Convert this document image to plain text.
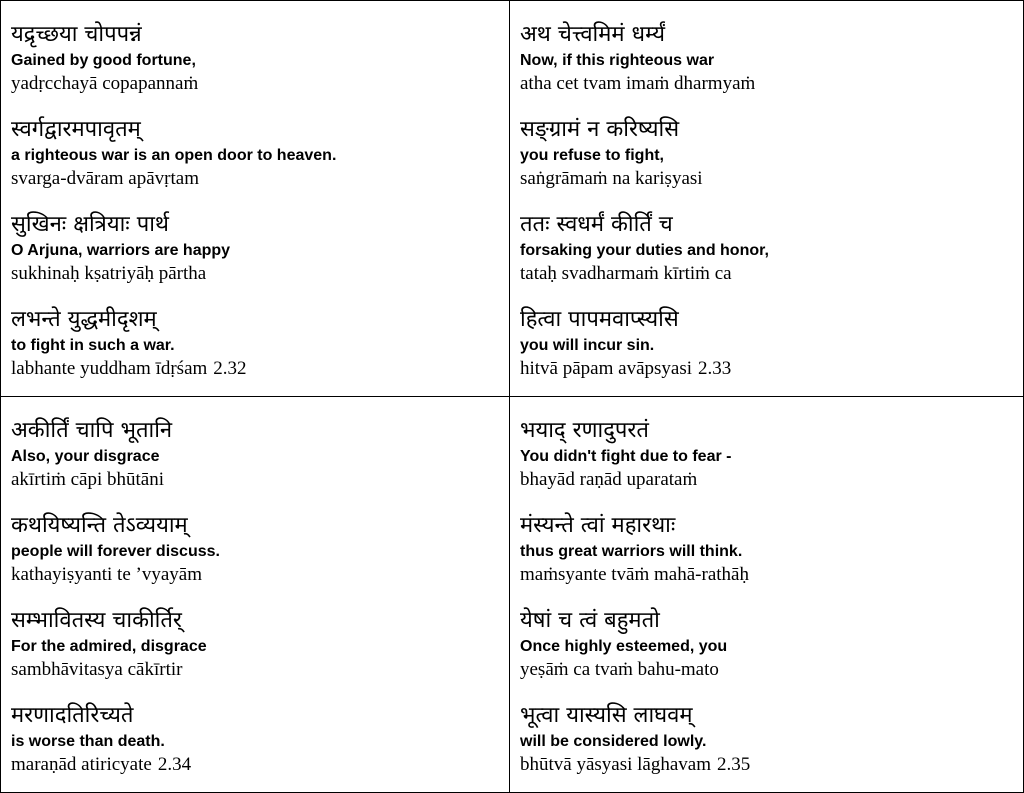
यद्रृच्छया चोपपन्नं
Gained by good fortune,
yadṛcchayā copapannaṁ
स्वर्गद्वारमपावृतम्
a righteous war is an open door to heaven.
svarga-dvāram apāvṛtam
सुखिनः क्षत्रियाः पार्थ
O Arjuna, warriors are happy
sukhinaḥ kṣatriyāḥ pārtha
लभन्ते युद्धमीदृशम्
to fight in such a war.
labhante yuddham īdṛśam 2.32
अथ चेत्त्वमिमं धर्म्यं
Now, if this righteous war
atha cet tvam imaṁ dharmyaṁ
सङ्ग्रामं न करिष्यसि
you refuse to fight,
saṅgrāmaṁ na kariṣyasi
ततः स्वधर्मं कीर्तिं च
forsaking your duties and honor,
tataḥ svadharmaṁ kīrtiṁ ca
हित्वा पापमवाप्स्यसि
you will incur sin.
hitvā pāpam avāpsyasi 2.33
अकीर्तिं चापि भूतानि
Also, your disgrace
akīrtiṁ cāpi bhūtāni
कथयिष्यन्ति तेऽव्ययाम्
people will forever discuss.
kathayiṣyanti te ’vyayām
सम्भावितस्य चाकीर्तिर्
For the admired, disgrace
sambhāvitasya cākīrtir
मरणादतिरिच्यते
is worse than death.
maraṇād atiricyate 2.34
भयाद् रणादुपरतं
You didn't fight due to fear -
bhayād raṇād uparataṁ
मंस्यन्ते त्वां महारथाः
thus great warriors will think.
maṁsyante tvāṁ mahā-rathāḥ
येषां च त्वं बहुमतो
Once highly esteemed, you
yeṣāṁ ca tvaṁ bahu-mato
भूत्वा यास्यसि लाघवम्
will be considered lowly.
bhūtvā yāsyasi lāghavam 2.35
